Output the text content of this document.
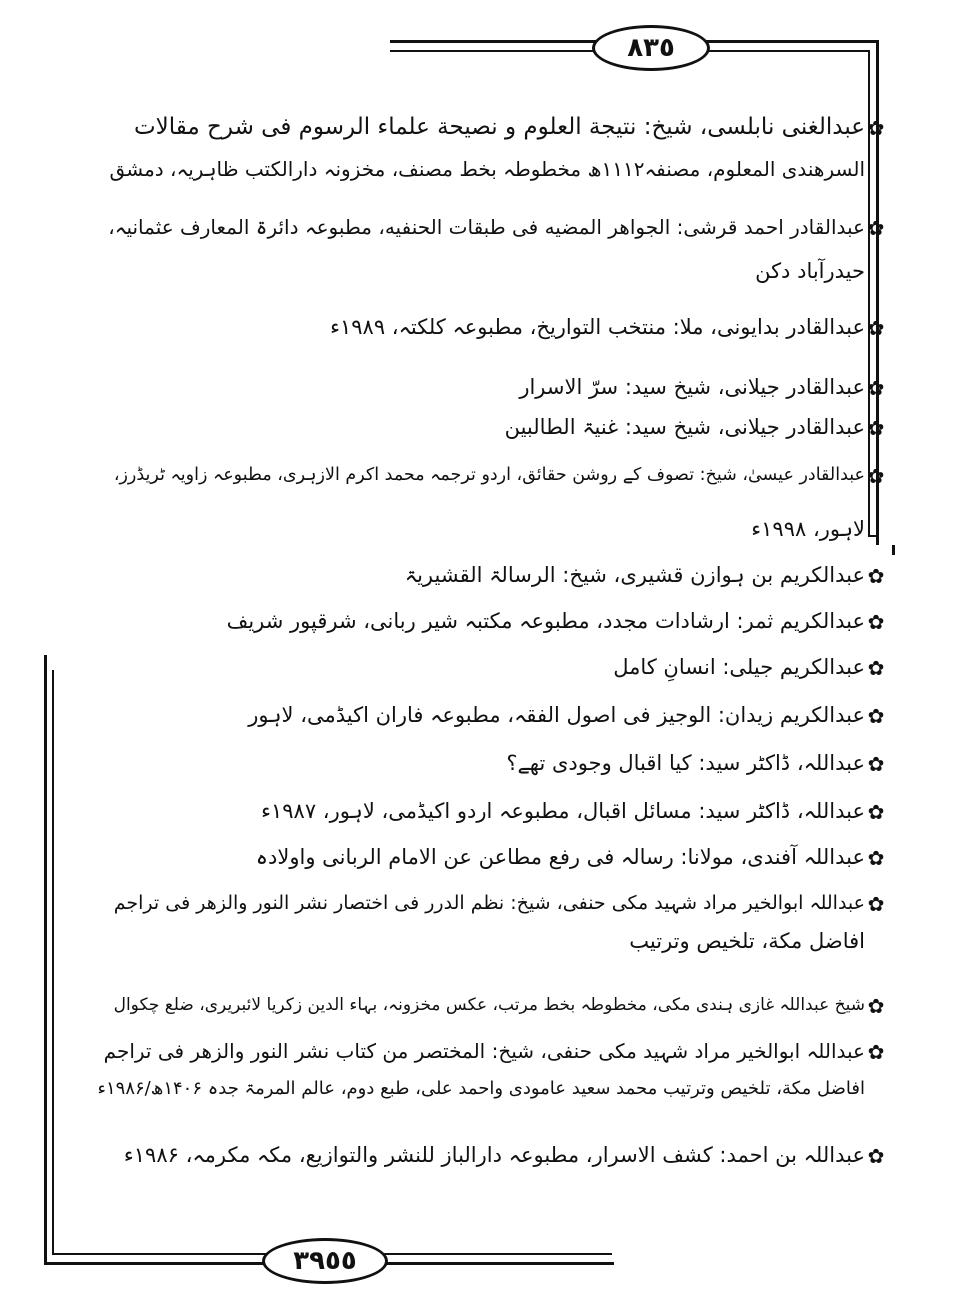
٨٣٥
٣٩٥٥
✿
عبدالغنی نابلسی، شیخ: نتیجة العلوم و نصیحة علماء الرسوم فی شرح مقالات
السرهندی المعلوم، مصنفہ۱۱۱۲ھ مخطوطہ بخط مصنف، مخزونہ دارالکتب ظاہریہ، دمشق
✿
عبدالقادر احمد قرشی: الجواهر المضیه فی طبقات الحنفیه، مطبوعہ دائرۃ المعارف عثمانیہ،
حیدرآباد دکن
✿
عبدالقادر بدایونی، ملا: منتخب التواریخ، مطبوعہ کلکتہ، ۱۹۸۹ء
✿
عبدالقادر جیلانی، شیخ سید: سرّ الاسرار
✿
عبدالقادر جیلانی، شیخ سید: غنیۃ الطالبین
✿
عبدالقادر عیسیٰ، شیخ: تصوف کے روشن حقائق، اردو ترجمہ محمد اکرم الازہری، مطبوعہ زاویہ ٹریڈرز،
لاہور، ۱۹۹۸ء
✿
عبدالکریم بن ہوازن قشیری، شیخ: الرسالۃ القشیریۃ
✿
عبدالکریم ثمر: ارشادات مجدد، مطبوعہ مکتبہ شیر ربانی، شرقپور شریف
✿
عبدالکریم جیلی: انسانِ کامل
✿
عبدالکریم زیدان: الوجیز فی اصول الفقہ، مطبوعہ فاران اکیڈمی، لاہور
✿
عبداللہ، ڈاکٹر سید: کیا اقبال وجودی تھے؟
✿
عبداللہ، ڈاکٹر سید: مسائل اقبال، مطبوعہ اردو اکیڈمی، لاہور، ۱۹۸۷ء
✿
عبداللہ آفندی، مولانا: رسالہ فی رفع مطاعن عن الامام الربانی واولادہ
✿
عبداللہ ابوالخیر مراد شہید مکی حنفی، شیخ: نظم الدرر فی اختصار نشر النور والزهر فی تراجم
افاضل مکة، تلخیص وترتیب
✿
شیخ عبداللہ غازی ہندی مکی، مخطوطہ بخط مرتب، عکس مخزونہ، بہاء الدین زکریا لائبریری، ضلع چکوال
✿
عبداللہ ابوالخیر مراد شہید مکی حنفی، شیخ: المختصر من کتاب نشر النور والزهر فی تراجم
افاضل مکة، تلخیص وترتیب محمد سعید عامودی واحمد علی، طبع دوم، عالم المرمۃ جدہ ۱۴۰۶ھ/۱۹۸۶ء
✿
عبداللہ بن احمد: کشف الاسرار، مطبوعہ دارالباز للنشر والتوازیع، مکہ مکرمہ، ۱۹۸۶ء
